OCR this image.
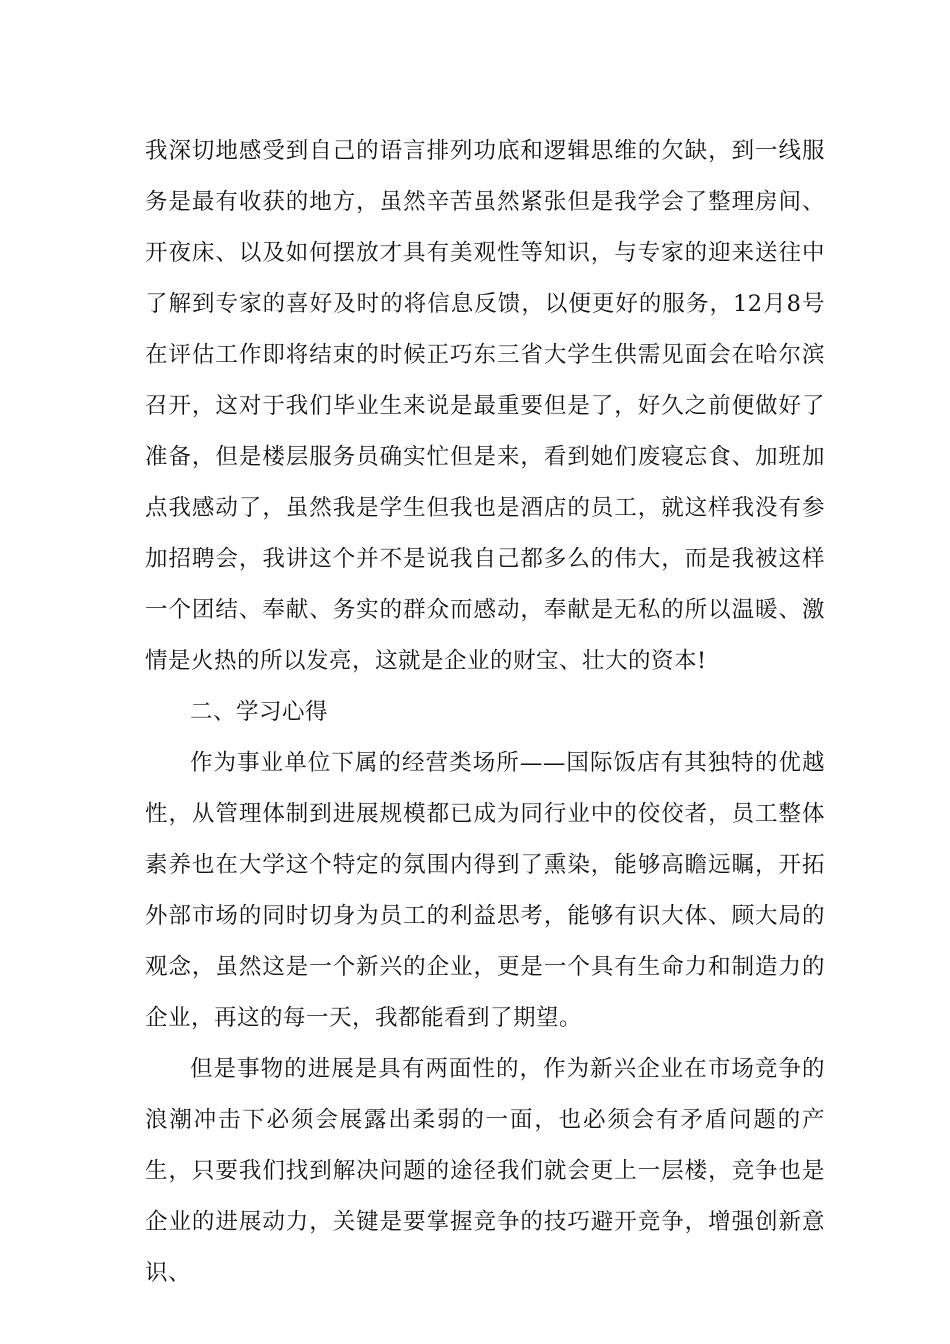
我深切地感受到自己的语言排列功底和逻辑思维的欠缺，到一线服务是最有收获的地方，虽然辛苦虽然紧张但是我学会了整理房间、开夜床、以及如何摆放才具有美观性等知识，与专家的迎来送往中了解到专家的喜好及时的将信息反馈，以便更好的服务，12月8号在评估工作即将结束的时候正巧东三省大学生供需见面会在哈尔滨召开，这对于我们毕业生来说是最重要但是了，好久之前便做好了准备，但是楼层服务员确实忙但是来，看到她们废寝忘食、加班加点我感动了，虽然我是学生但我也是酒店的员工，就这样我没有参加招聘会，我讲这个并不是说我自己都多么的伟大，而是我被这样一个团结、奉献、务实的群众而感动，奉献是无私的所以温暖、激情是火热的所以发亮，这就是企业的财宝、壮大的资本!

二、学习心得

作为事业单位下属的经营类场所——国际饭店有其独特的优越性，从管理体制到进展规模都已成为同行业中的佼佼者，员工整体素养也在大学这个特定的氛围内得到了熏染，能够高瞻远瞩，开拓外部市场的同时切身为员工的利益思考，能够有识大体、顾大局的观念，虽然这是一个新兴的企业，更是一个具有生命力和制造力的企业，再这的每一天，我都能看到了期望。

但是事物的进展是具有两面性的，作为新兴企业在市场竞争的浪潮冲击下必须会展露出柔弱的一面，也必须会有矛盾问题的产生，只要我们找到解决问题的途径我们就会更上一层楼，竞争也是企业的进展动力，关键是要掌握竞争的技巧避开竞争，增强创新意识、
